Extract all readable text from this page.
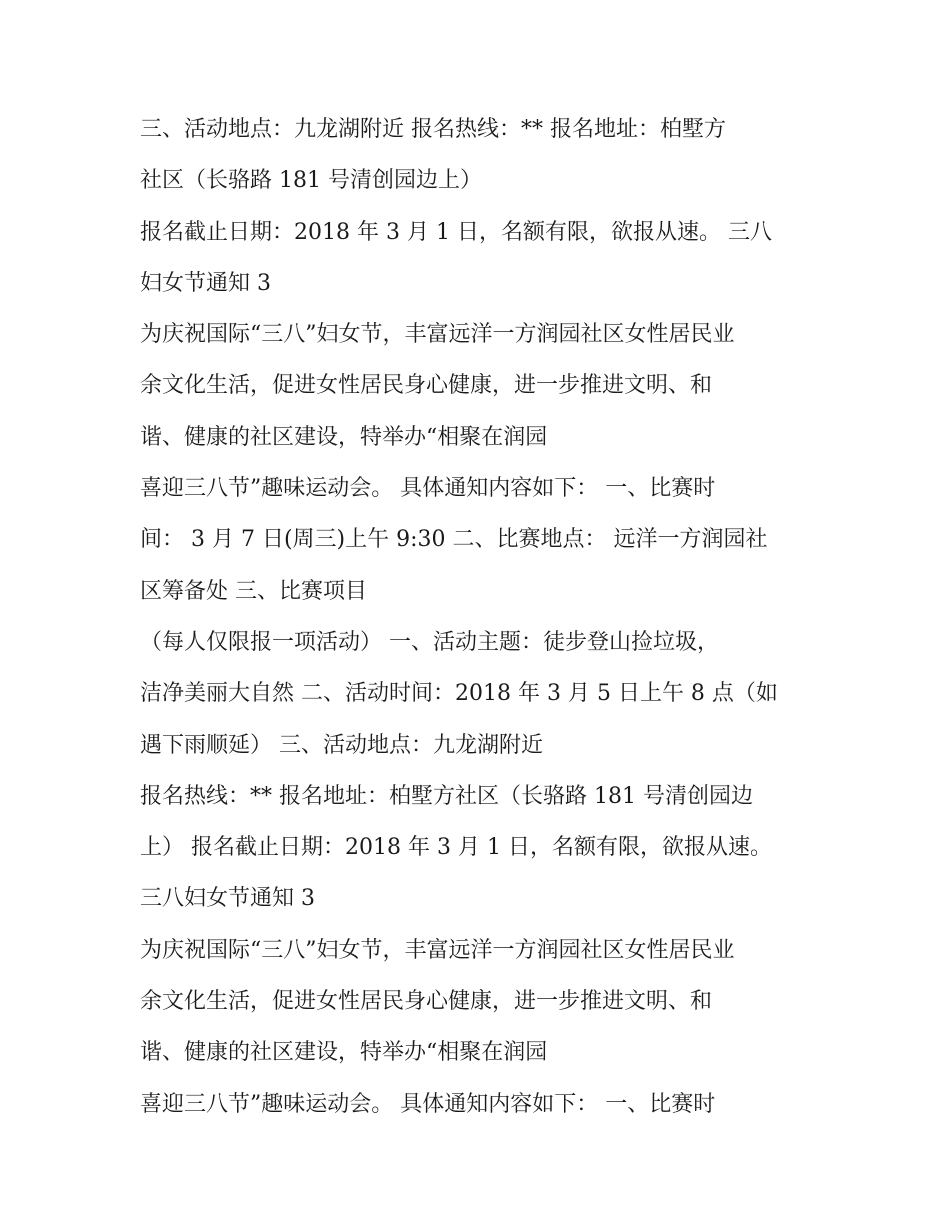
三、活动地点：九龙湖附近 报名热线：** 报名地址：柏墅方
社区（长骆路 181 号清创园边上）
报名截止日期：2018 年 3 月 1 日，名额有限，欲报从速。 三八
妇女节通知 3
为庆祝国际“三八”妇女节，丰富远洋一方润园社区女性居民业
余文化生活，促进女性居民身心健康，进一步推进文明、和
谐、健康的社区建设，特举办“相聚在润园
喜迎三八节”趣味运动会。 具体通知内容如下： 一、比赛时
间： 3 月 7 日(周三)上午 9:30 二、比赛地点： 远洋一方润园社
区筹备处 三、比赛项目
（每人仅限报一项活动） 一、活动主题：徒步登山捡垃圾，
洁净美丽大自然 二、活动时间：2018 年 3 月 5 日上午 8 点（如
遇下雨顺延） 三、活动地点：九龙湖附近
报名热线：** 报名地址：柏墅方社区（长骆路 181 号清创园边
上） 报名截止日期：2018 年 3 月 1 日，名额有限，欲报从速。
三八妇女节通知 3
为庆祝国际“三八”妇女节，丰富远洋一方润园社区女性居民业
余文化生活，促进女性居民身心健康，进一步推进文明、和
谐、健康的社区建设，特举办“相聚在润园
喜迎三八节”趣味运动会。 具体通知内容如下： 一、比赛时
